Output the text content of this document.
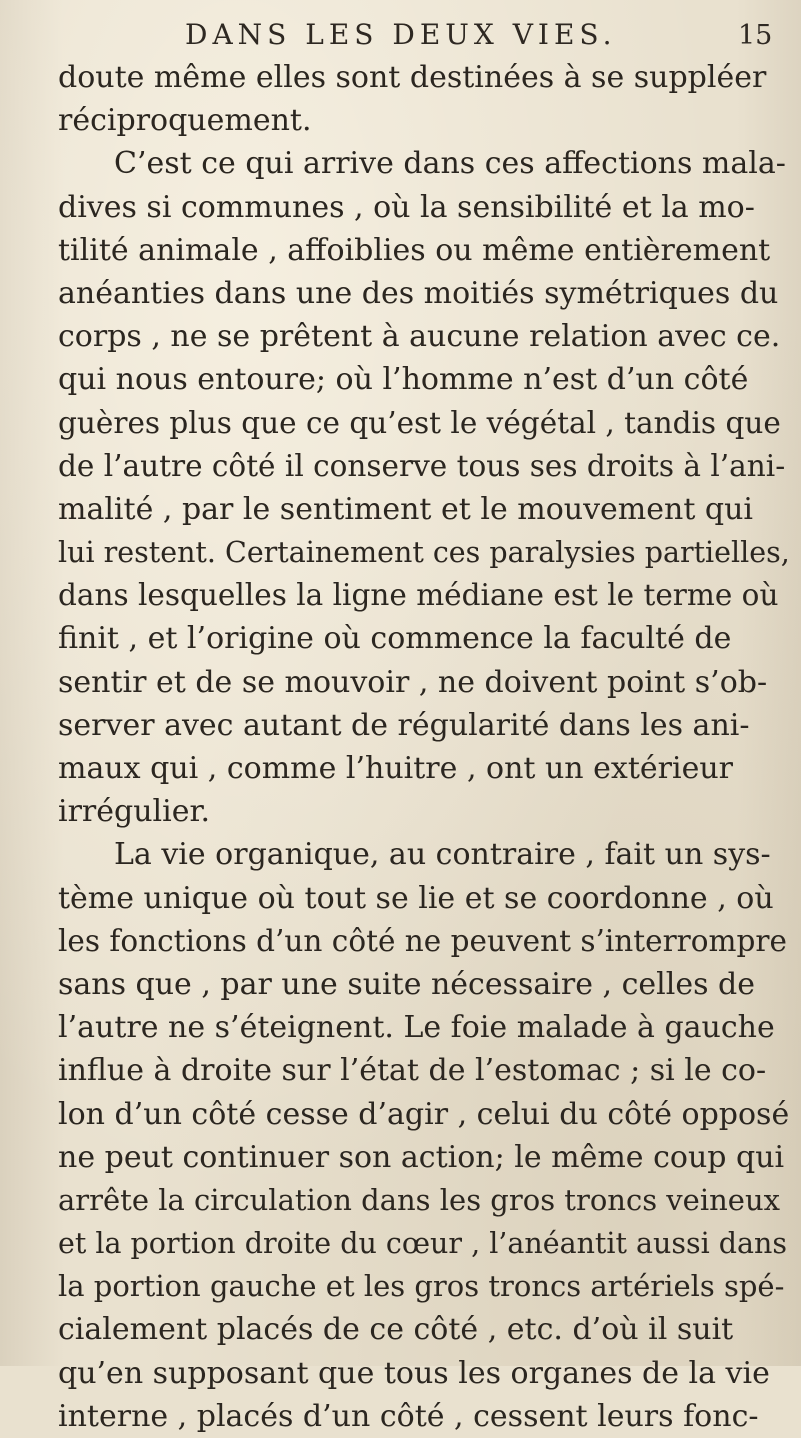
DANS LES DEUX VIES.	15
doute même elles sont destinées à se suppléer
réciproquement.
C’est ce qui arrive dans ces affections mala-
dives si communes , où la sensibilité et la mo-
tilité animale , affoiblies ou même entièrement
anéanties dans une des moitiés symétriques du
corps , ne se prêtent à aucune relation avec ce.
qui nous entoure; où l’homme n’est d’un côté
guères plus que ce qu’est le végétal , tandis que
de l’autre côté il conserve tous ses droits à l’ani-
malité , par le sentiment et le mouvement qui
lui restent. Certainement ces paralysies partielles,
dans lesquelles la ligne médiane est le terme où
finit , et l’origine où commence la faculté de
sentir et de se mouvoir , ne doivent point s’ob-
server avec autant de régularité dans les ani-
maux qui , comme l’huitre , ont un extérieur
irrégulier.
La vie organique, au contraire , fait un sys-
tème unique où tout se lie et se coordonne , où
les fonctions d’un côté ne peuvent s’interrompre
sans que , par une suite nécessaire , celles de
l’autre ne s’éteignent. Le foie malade à gauche
influe à droite sur l’état de l’estomac ; si le co-
lon d’un côté cesse d’agir , celui du côté opposé
ne peut continuer son action; le même coup qui
arrête la circulation dans les gros troncs veineux
et la portion droite du cœur , l’anéantit aussi dans
la portion gauche et les gros troncs artériels spé-
cialement placés de ce côté , etc. d’où il suit
qu’en supposant que tous les organes de la vie
interne , placés d’un côté , cessent leurs fonc-
